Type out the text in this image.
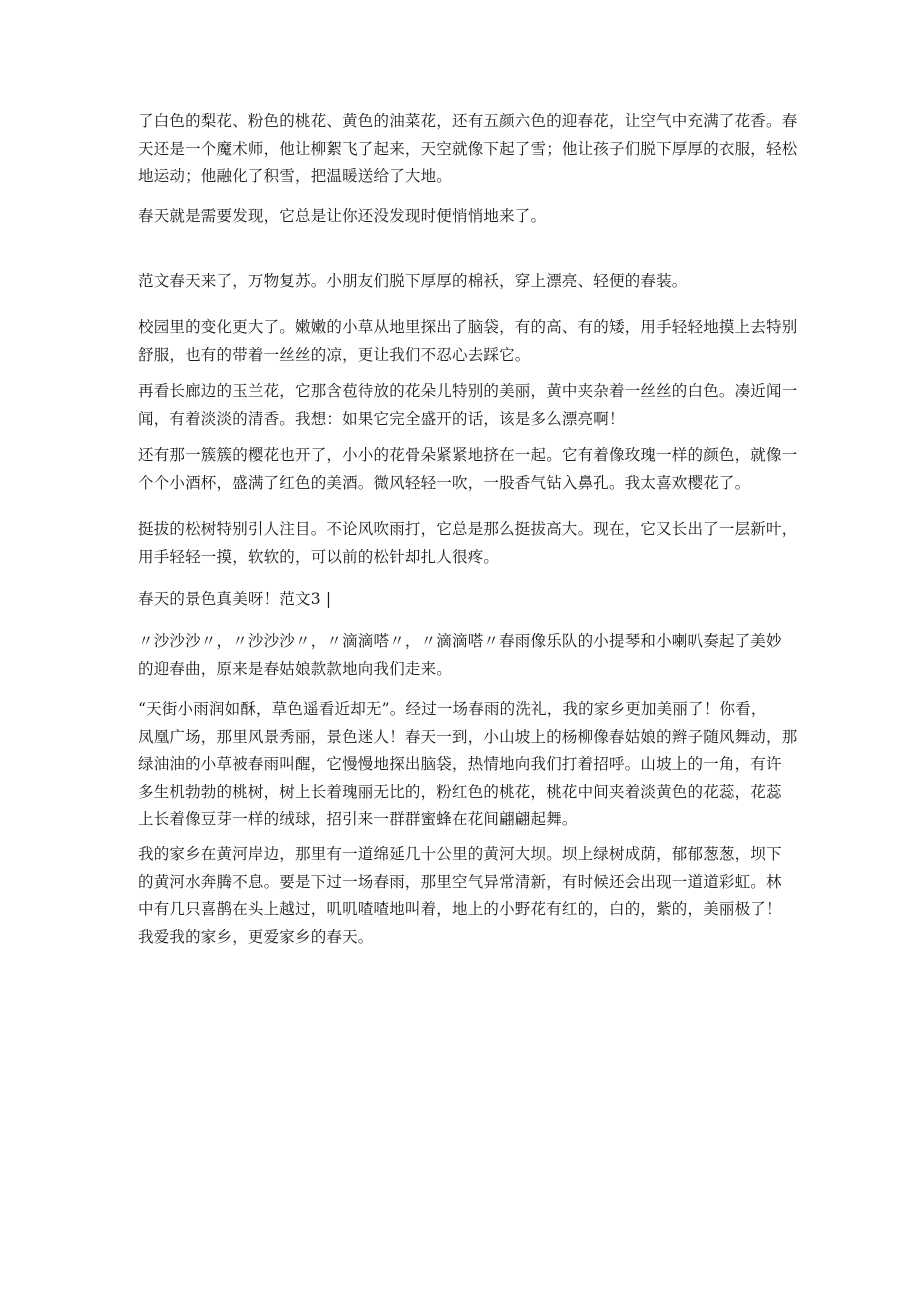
了白色的梨花、粉色的桃花、黄色的油菜花，还有五颜六色的迎春花，让空气中充满了花香。春
天还是一个魔术师，他让柳絮飞了起来，天空就像下起了雪；他让孩子们脱下厚厚的衣服，轻松
地运动；他融化了积雪，把温暖送给了大地。

春天就是需要发现，它总是让你还没发现时便悄悄地来了。

范文春天来了，万物复苏。小朋友们脱下厚厚的棉袄，穿上漂亮、轻便的春装。

校园里的变化更大了。嫩嫩的小草从地里探出了脑袋，有的高、有的矮，用手轻轻地摸上去特别
舒服，也有的带着一丝丝的凉，更让我们不忍心去踩它。

再看长廊边的玉兰花，它那含苞待放的花朵儿特别的美丽，黄中夹杂着一丝丝的白色。凑近闻一
闻，有着淡淡的清香。我想：如果它完全盛开的话，该是多么漂亮啊！

还有那一簇簇的樱花也开了，小小的花骨朵紧紧地挤在一起。它有着像玫瑰一样的颜色，就像一
个个小酒杯，盛满了红色的美酒。微风轻轻一吹，一股香气钻入鼻孔。我太喜欢樱花了。

挺拔的松树特别引人注目。不论风吹雨打，它总是那么挺拔高大。现在，它又长出了一层新叶，
用手轻轻一摸，软软的，可以前的松针却扎人很疼。

春天的景色真美呀！范文3 |

〃沙沙沙〃，〃沙沙沙〃，〃滴滴嗒〃，〃滴滴嗒〃春雨像乐队的小提琴和小喇叭奏起了美妙
的迎春曲，原来是春姑娘款款地向我们走来。

“天街小雨润如酥，草色遥看近却无”。经过一场春雨的洗礼，我的家乡更加美丽了！你看，
凤凰广场，那里风景秀丽，景色迷人！春天一到，小山坡上的杨柳像春姑娘的辫子随风舞动，那
绿油油的小草被春雨叫醒，它慢慢地探出脑袋，热情地向我们打着招呼。山坡上的一角，有许
多生机勃勃的桃树，树上长着瑰丽无比的，粉红色的桃花，桃花中间夹着淡黄色的花蕊，花蕊
上长着像豆芽一样的绒球，招引来一群群蜜蜂在花间翩翩起舞。

我的家乡在黄河岸边，那里有一道绵延几十公里的黄河大坝。坝上绿树成荫，郁郁葱葱，坝下
的黄河水奔腾不息。要是下过一场春雨，那里空气异常清新，有时候还会出现一道道彩虹。林
中有几只喜鹊在头上越过，叽叽喳喳地叫着，地上的小野花有红的，白的，紫的，美丽极了！
我爱我的家乡，更爱家乡的春天。
